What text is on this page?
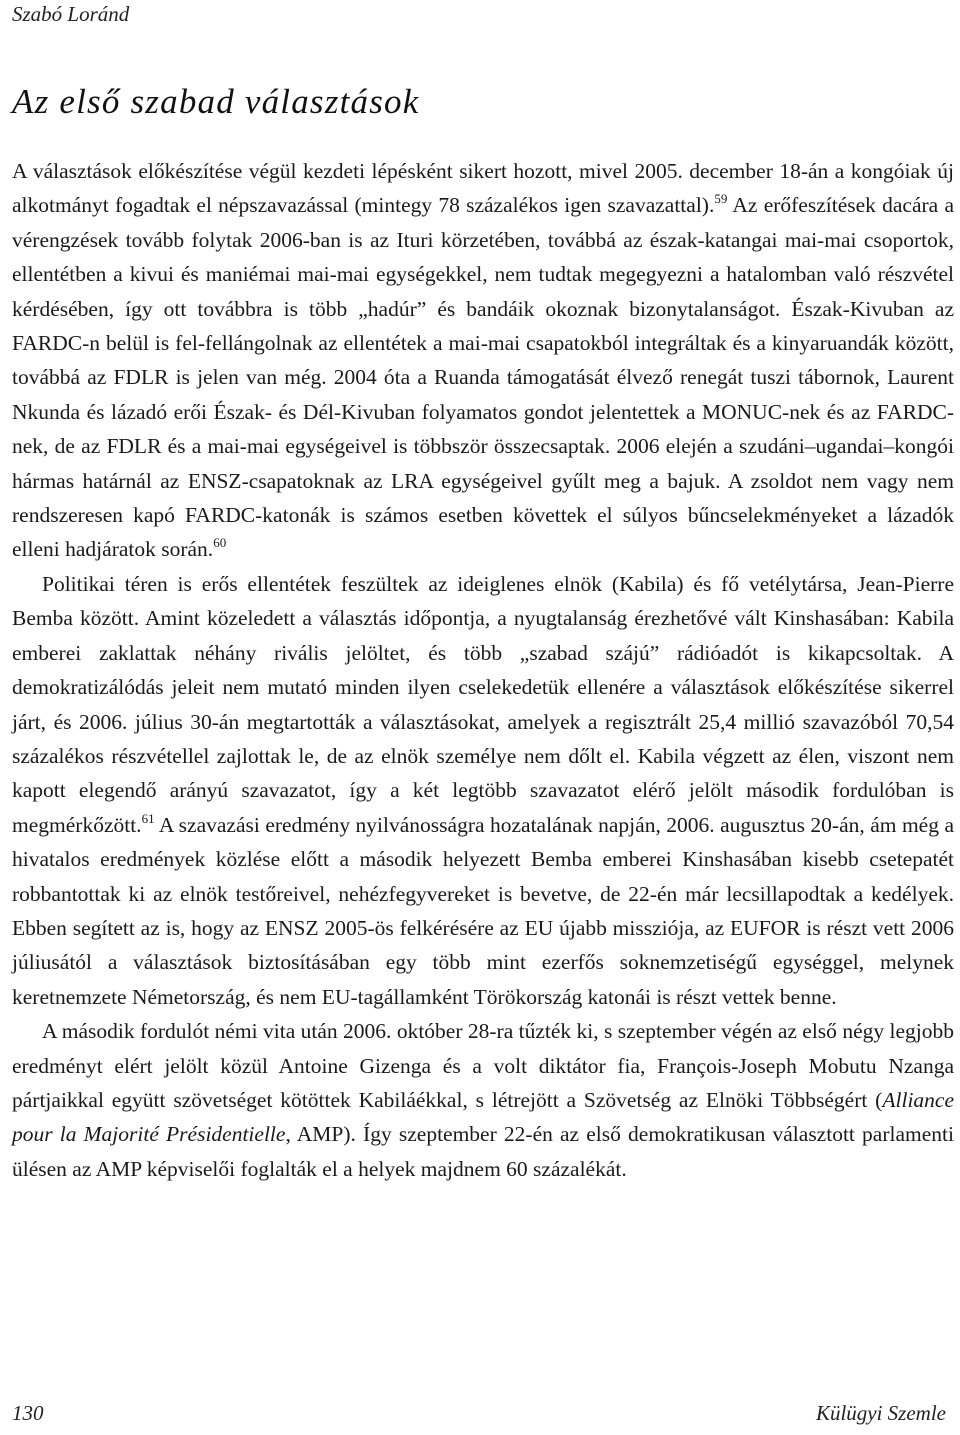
Szabó Loránd
Az első szabad választások

A választások előkészítése végül kezdeti lépésként sikert hozott, mivel 2005. december 18-án a kongóiak új alkotmányt fogadtak el népszavazással (mintegy 78 százalékos igen szavazattal).$^{59}$ Az erőfeszítések dacára a vérengzések tovább folytak 2006-ban is az Ituri körzetében, továbbá az észak-katangai mai-mai csoportok, ellentétben a kivui és maniémai mai-mai egységekkel, nem tudtak megegyezni a hatalomban való részvétel kérdésében, így ott továbbra is több „hadúr” és bandáik okoznak bizonytalanságot. Észak-Kivuban az FARDC-n belül is fel-fellángolnak az ellentétek a mai-mai csapatokból integráltak és a kinyaruandák között, továbbá az FDLR is jelen van még. 2004 óta a Ruanda támogatását élvező renegát tuszi tábornok, Laurent Nkunda és lázadó erői Észak- és Dél-Kivuban folyamatos gondot jelentettek a MONUC-nek és az FARDC-nek, de az FDLR és a mai-mai egységeivel is többször összecsaptak. 2006 elején a szudáni–ugandai–kongói hármas határnál az ENSZ-csapatoknak az LRA egységeivel gyűlt meg a bajuk. A zsoldot nem vagy nem rendszeresen kapó FARDC-katonák is számos esetben követtek el súlyos bűncselekményeket a lázadók elleni hadjáratok során.$^{60}$

Politikai téren is erős ellentétek feszültek az ideiglenes elnök (Kabila) és fő vetélytársa, Jean-Pierre Bemba között. Amint közeledett a választás időpontja, a nyugtalanság érezhetővé vált Kinshasában: Kabila emberei zaklattak néhány rivális jelöltet, és több „szabad szájú” rádióadót is kikapcsoltak. A demokratizálódás jeleit nem mutató minden ilyen cselekedetük ellenére a választások előkészítése sikerrel járt, és 2006. július 30-án megtartották a választásokat, amelyek a regisztrált 25,4 millió szavazóból 70,54 százalékos részvétellel zajlottak le, de az elnök személye nem dőlt el. Kabila végzett az élen, viszont nem kapott elegendő arányú szavazatot, így a két legtöbb szavazatot elérő jelölt második fordulóban is megmérkőzött.$^{61}$ A szavazási eredmény nyilvánosságra hozatalának napján, 2006. augusztus 20-án, ám még a hivatalos eredmények közlése előtt a második helyezett Bemba emberei Kinshasában kisebb csetepatét robbantottak ki az elnök testőreivel, nehézfegyvereket is bevetve, de 22-én már lecsillapodtak a kedélyek. Ebben segített az is, hogy az ENSZ 2005-ös felkérésére az EU újabb missziója, az EUFOR is részt vett 2006 júliusától a választások biztosításában egy több mint ezerfős soknemzetiségű egységgel, melynek keretnemzete Németország, és nem EU-tagállamként Törökország katonái is részt vettek benne.

A második fordulót némi vita után 2006. október 28-ra tűzték ki, s szeptember végén az első négy legjobb eredményt elért jelölt közül Antoine Gizenga és a volt diktátor fia, François-Joseph Mobutu Nzanga pártjaikkal együtt szövetséget kötöttek Kabiláékkal, s létrejött a Szövetség az Elnöki Többségért (Alliance pour la Majorité Présidentielle, AMP). Így szeptember 22-én az első demokratikusan választott parlamenti ülésen az AMP képviselői foglalták el a helyek majdnem 60 százalékát.

130	Külügyi Szemle
